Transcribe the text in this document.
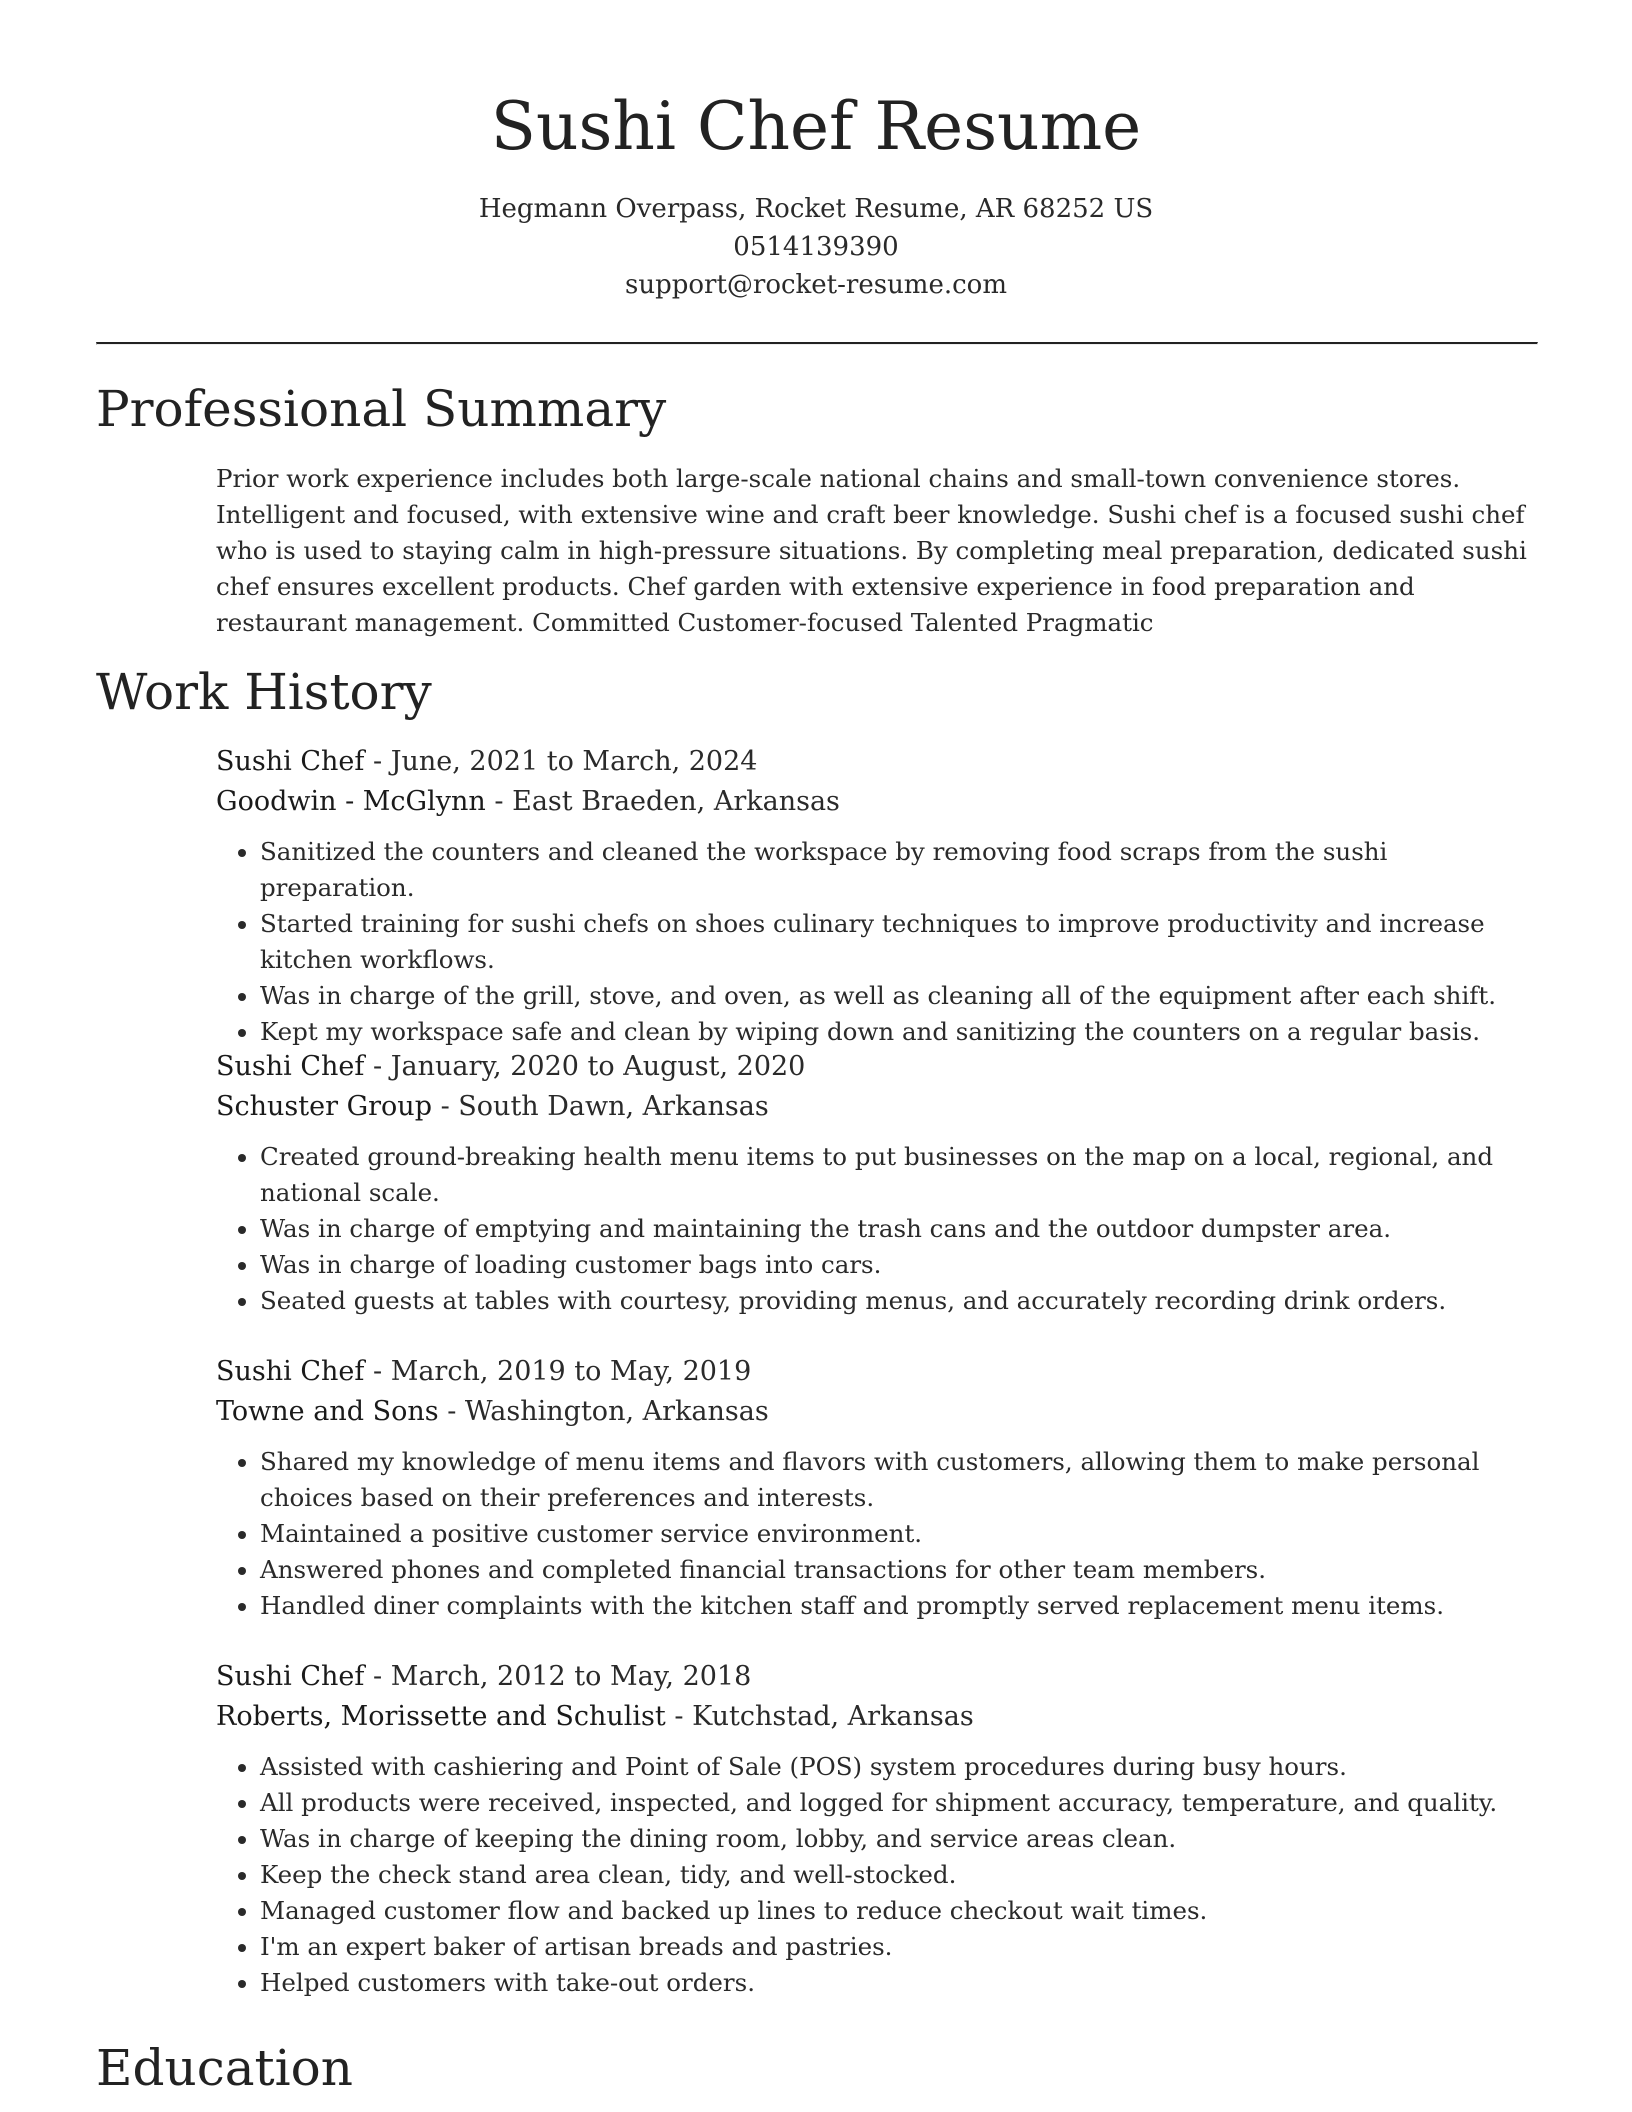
Sushi Chef Resume
Hegmann Overpass, Rocket Resume, AR 68252 US
0514139390
support@rocket-resume.com
Professional Summary
Prior work experience includes both large-scale national chains and small-town convenience stores. Intelligent and focused, with extensive wine and craft beer knowledge. Sushi chef is a focused sushi chef who is used to staying calm in high-pressure situations. By completing meal preparation, dedicated sushi chef ensures excellent products. Chef garden with extensive experience in food preparation and restaurant management. Committed Customer-focused Talented Pragmatic
Work History
Sushi Chef - June, 2021 to March, 2024
Goodwin - McGlynn - East Braeden, Arkansas
• Sanitized the counters and cleaned the workspace by removing food scraps from the sushi preparation.
• Started training for sushi chefs on shoes culinary techniques to improve productivity and increase kitchen workflows.
• Was in charge of the grill, stove, and oven, as well as cleaning all of the equipment after each shift.
• Kept my workspace safe and clean by wiping down and sanitizing the counters on a regular basis.
Sushi Chef - January, 2020 to August, 2020
Schuster Group - South Dawn, Arkansas
• Created ground-breaking health menu items to put businesses on the map on a local, regional, and national scale.
• Was in charge of emptying and maintaining the trash cans and the outdoor dumpster area.
• Was in charge of loading customer bags into cars.
• Seated guests at tables with courtesy, providing menus, and accurately recording drink orders.
Sushi Chef - March, 2019 to May, 2019
Towne and Sons - Washington, Arkansas
• Shared my knowledge of menu items and flavors with customers, allowing them to make personal choices based on their preferences and interests.
• Maintained a positive customer service environment.
• Answered phones and completed financial transactions for other team members.
• Handled diner complaints with the kitchen staff and promptly served replacement menu items.
Sushi Chef - March, 2012 to May, 2018
Roberts, Morissette and Schulist - Kutchstad, Arkansas
• Assisted with cashiering and Point of Sale (POS) system procedures during busy hours.
• All products were received, inspected, and logged for shipment accuracy, temperature, and quality.
• Was in charge of keeping the dining room, lobby, and service areas clean.
• Keep the check stand area clean, tidy, and well-stocked.
• Managed customer flow and backed up lines to reduce checkout wait times.
• I'm an expert baker of artisan breads and pastries.
• Helped customers with take-out orders.
Education
